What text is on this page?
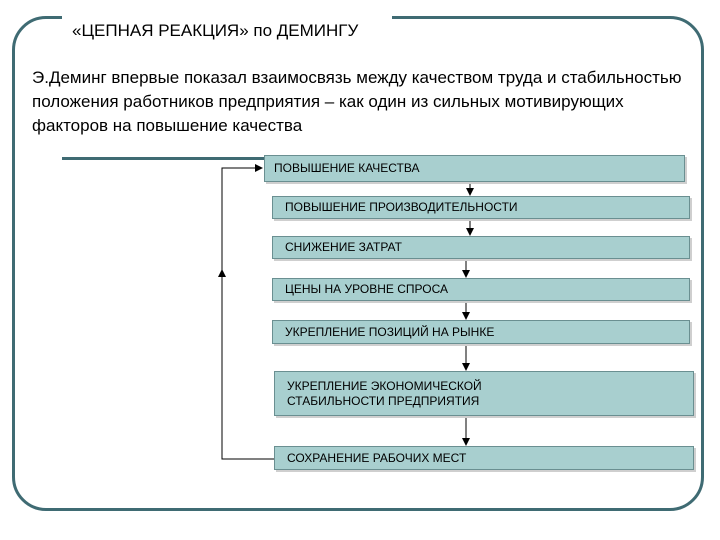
«ЦЕПНАЯ РЕАКЦИЯ» по ДЕМИНГУ
Э.Деминг впервые показал взаимосвязь между качеством труда и стабильностью положения работников предприятия – как один из сильных мотивирующих факторов на повышение качества
ПОВЫШЕНИЕ КАЧЕСТВА
ПОВЫШЕНИЕ ПРОИЗВОДИТЕЛЬНОСТИ
СНИЖЕНИЕ ЗАТРАТ
ЦЕНЫ НА УРОВНЕ СПРОСА
УКРЕПЛЕНИЕ ПОЗИЦИЙ НА РЫНКЕ
УКРЕПЛЕНИЕ ЭКОНОМИЧЕСКОЙ
СТАБИЛЬНОСТИ ПРЕДПРИЯТИЯ
СОХРАНЕНИЕ РАБОЧИХ МЕСТ
